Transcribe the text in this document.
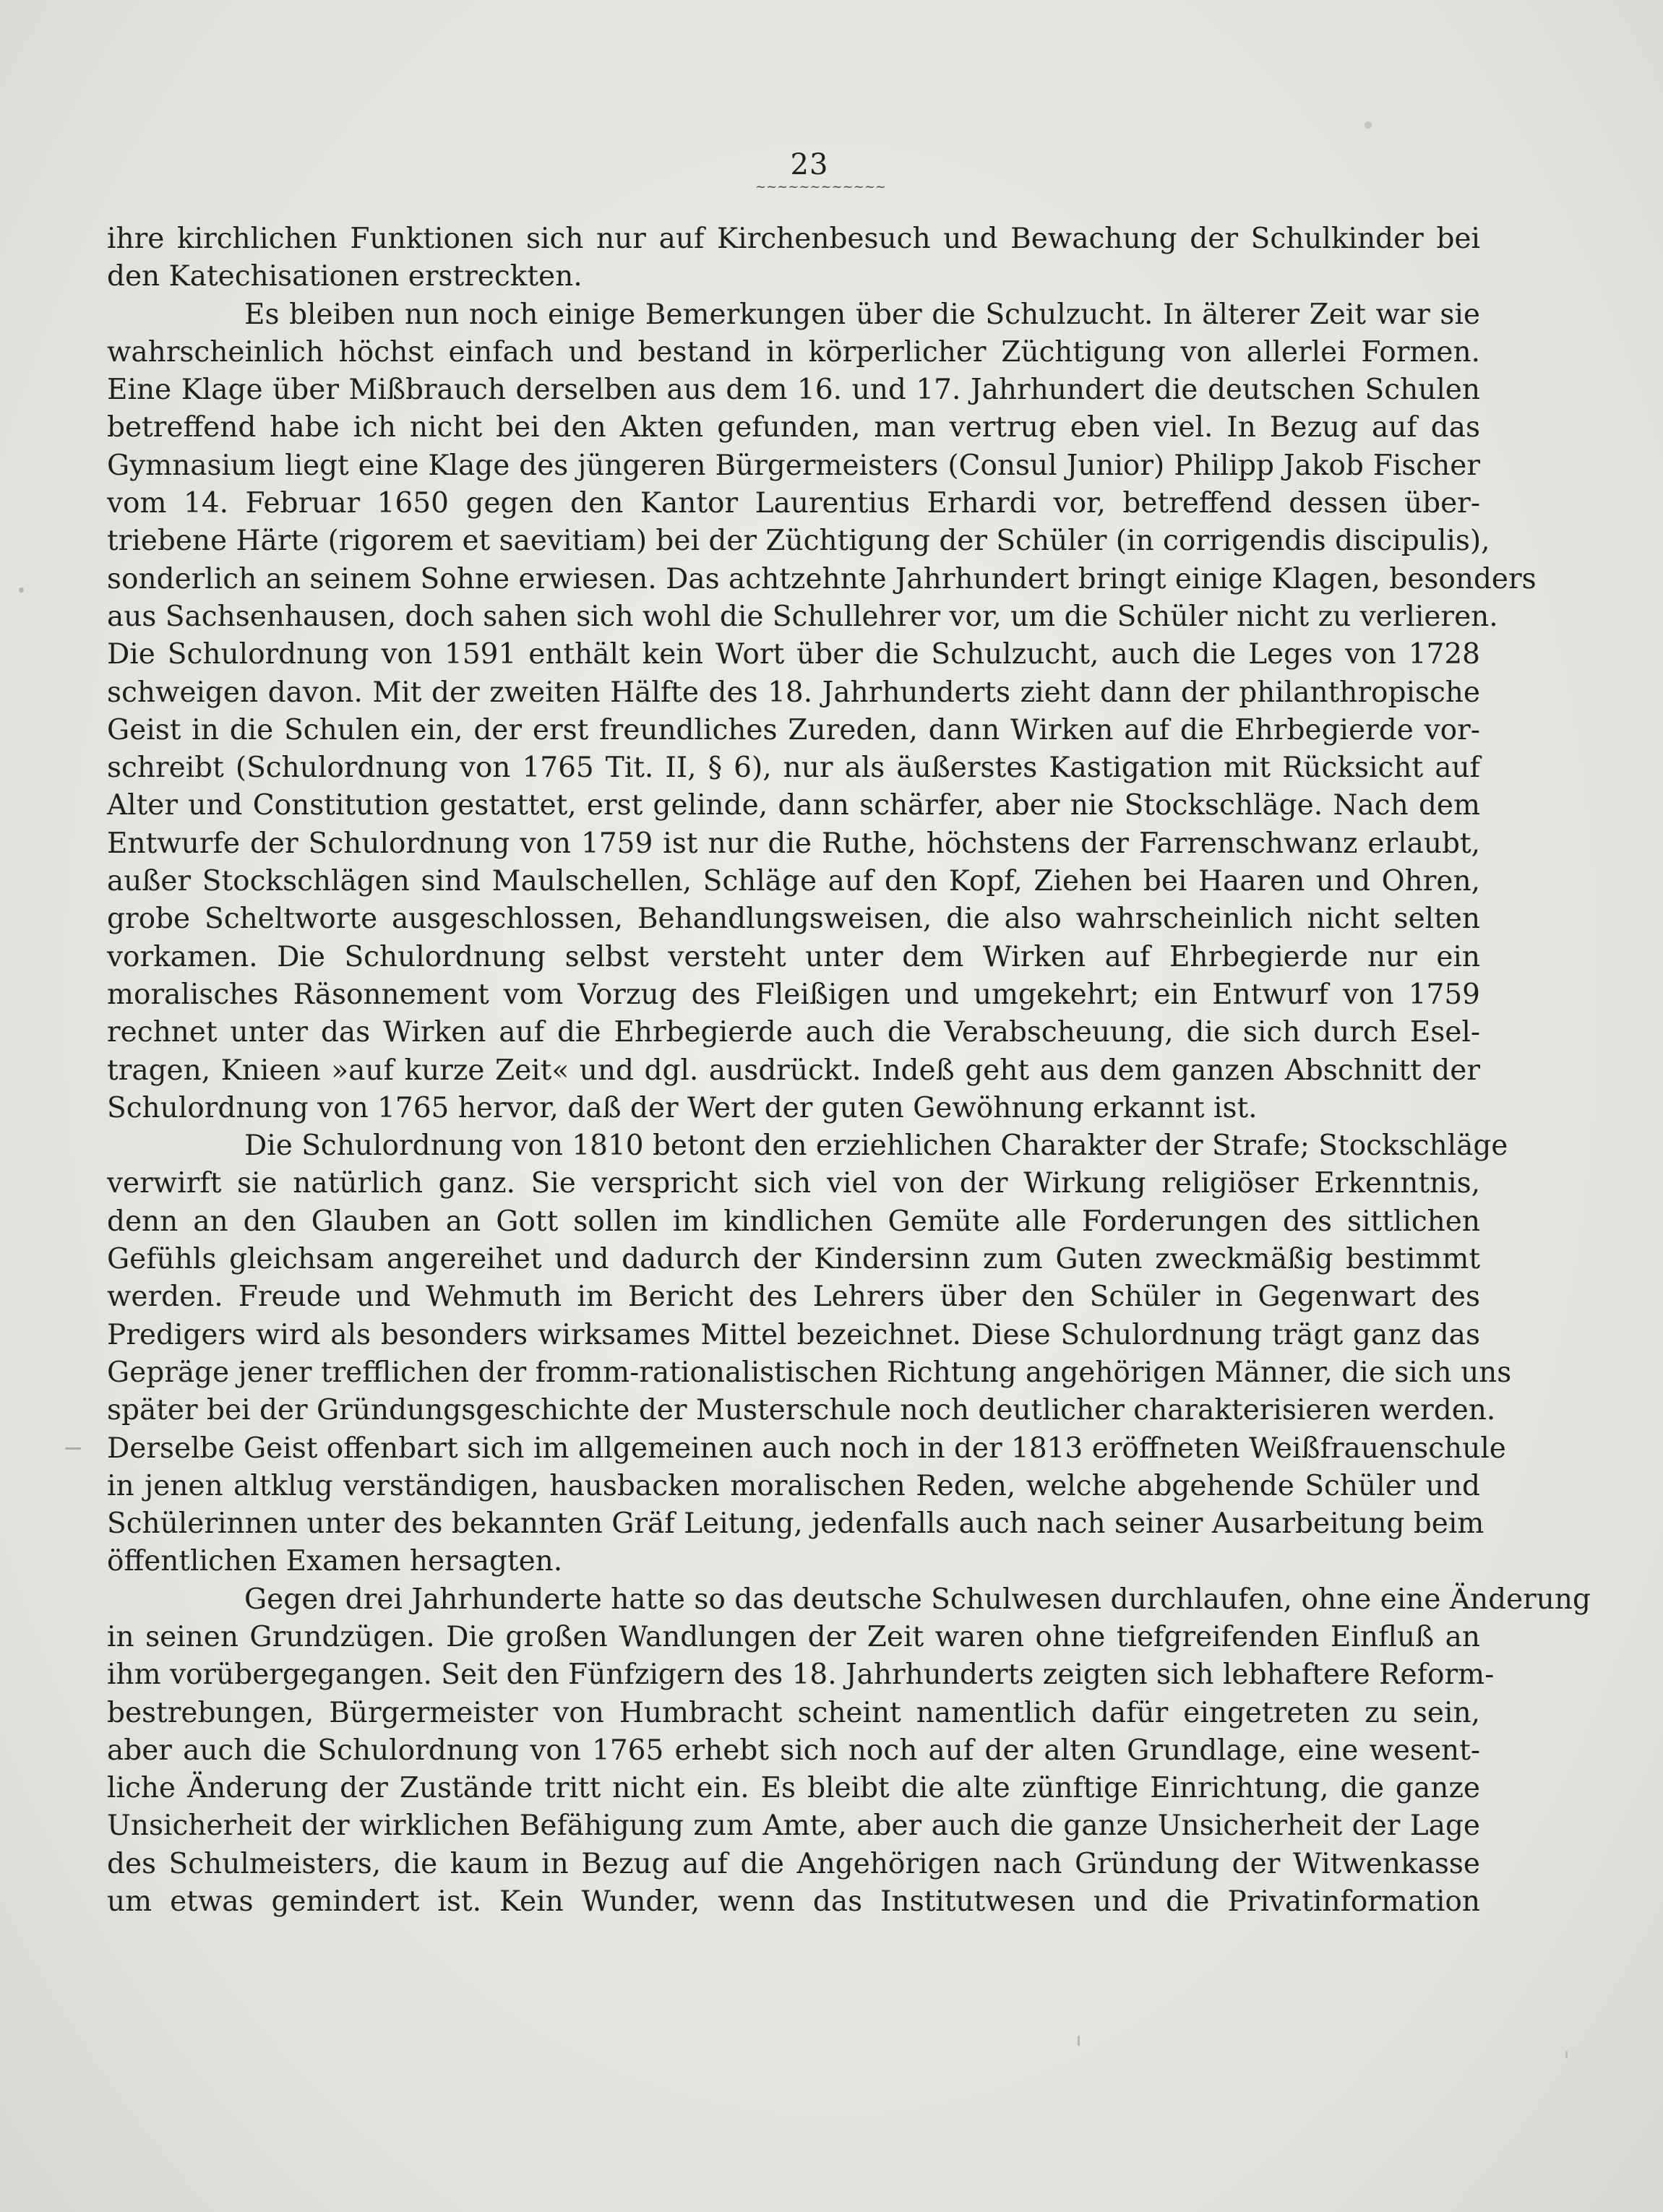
23
~~~~~~~~~~~~
ihre kirchlichen Funktionen sich nur auf Kirchenbesuch und Bewachung der Schulkinder bei
den Katechisationen erstreckten.
Es bleiben nun noch einige Bemerkungen über die Schulzucht. In älterer Zeit war sie
wahrscheinlich höchst einfach und bestand in körperlicher Züchtigung von allerlei Formen.
Eine Klage über Mißbrauch derselben aus dem 16. und 17. Jahrhundert die deutschen Schulen
betreffend habe ich nicht bei den Akten gefunden, man vertrug eben viel. In Bezug auf das
Gymnasium liegt eine Klage des jüngeren Bürgermeisters (Consul Junior) Philipp Jakob Fischer
vom 14. Februar 1650 gegen den Kantor Laurentius Erhardi vor, betreffend dessen über-
triebene Härte (rigorem et saevitiam) bei der Züchtigung der Schüler (in corrigendis discipulis),
sonderlich an seinem Sohne erwiesen. Das achtzehnte Jahrhundert bringt einige Klagen, besonders
aus Sachsenhausen, doch sahen sich wohl die Schullehrer vor, um die Schüler nicht zu verlieren.
Die Schulordnung von 1591 enthält kein Wort über die Schulzucht, auch die Leges von 1728
schweigen davon. Mit der zweiten Hälfte des 18. Jahrhunderts zieht dann der philanthropische
Geist in die Schulen ein, der erst freundliches Zureden, dann Wirken auf die Ehrbegierde vor-
schreibt (Schulordnung von 1765 Tit. II, § 6), nur als äußerstes Kastigation mit Rücksicht auf
Alter und Constitution gestattet, erst gelinde, dann schärfer, aber nie Stockschläge. Nach dem
Entwurfe der Schulordnung von 1759 ist nur die Ruthe, höchstens der Farrenschwanz erlaubt,
außer Stockschlägen sind Maulschellen, Schläge auf den Kopf, Ziehen bei Haaren und Ohren,
grobe Scheltworte ausgeschlossen, Behandlungsweisen, die also wahrscheinlich nicht selten
vorkamen. Die Schulordnung selbst versteht unter dem Wirken auf Ehrbegierde nur ein
moralisches Räsonnement vom Vorzug des Fleißigen und umgekehrt; ein Entwurf von 1759
rechnet unter das Wirken auf die Ehrbegierde auch die Verabscheuung, die sich durch Esel-
tragen, Knieen »auf kurze Zeit« und dgl. ausdrückt. Indeß geht aus dem ganzen Abschnitt der
Schulordnung von 1765 hervor, daß der Wert der guten Gewöhnung erkannt ist.
Die Schulordnung von 1810 betont den erziehlichen Charakter der Strafe; Stockschläge
verwirft sie natürlich ganz. Sie verspricht sich viel von der Wirkung religiöser Erkenntnis,
denn an den Glauben an Gott sollen im kindlichen Gemüte alle Forderungen des sittlichen
Gefühls gleichsam angereihet und dadurch der Kindersinn zum Guten zweckmäßig bestimmt
werden. Freude und Wehmuth im Bericht des Lehrers über den Schüler in Gegenwart des
Predigers wird als besonders wirksames Mittel bezeichnet. Diese Schulordnung trägt ganz das
Gepräge jener trefflichen der fromm-rationalistischen Richtung angehörigen Männer, die sich uns
später bei der Gründungsgeschichte der Musterschule noch deutlicher charakterisieren werden.
Derselbe Geist offenbart sich im allgemeinen auch noch in der 1813 eröffneten Weißfrauenschule
in jenen altklug verständigen, hausbacken moralischen Reden, welche abgehende Schüler und
Schülerinnen unter des bekannten Gräf Leitung, jedenfalls auch nach seiner Ausarbeitung beim
öffentlichen Examen hersagten.
Gegen drei Jahrhunderte hatte so das deutsche Schulwesen durchlaufen, ohne eine Änderung
in seinen Grundzügen. Die großen Wandlungen der Zeit waren ohne tiefgreifenden Einfluß an
ihm vorübergegangen. Seit den Fünfzigern des 18. Jahrhunderts zeigten sich lebhaftere Reform-
bestrebungen, Bürgermeister von Humbracht scheint namentlich dafür eingetreten zu sein,
aber auch die Schulordnung von 1765 erhebt sich noch auf der alten Grundlage, eine wesent-
liche Änderung der Zustände tritt nicht ein. Es bleibt die alte zünftige Einrichtung, die ganze
Unsicherheit der wirklichen Befähigung zum Amte, aber auch die ganze Unsicherheit der Lage
des Schulmeisters, die kaum in Bezug auf die Angehörigen nach Gründung der Witwenkasse
um etwas gemindert ist. Kein Wunder, wenn das Institutwesen und die Privatinformation
